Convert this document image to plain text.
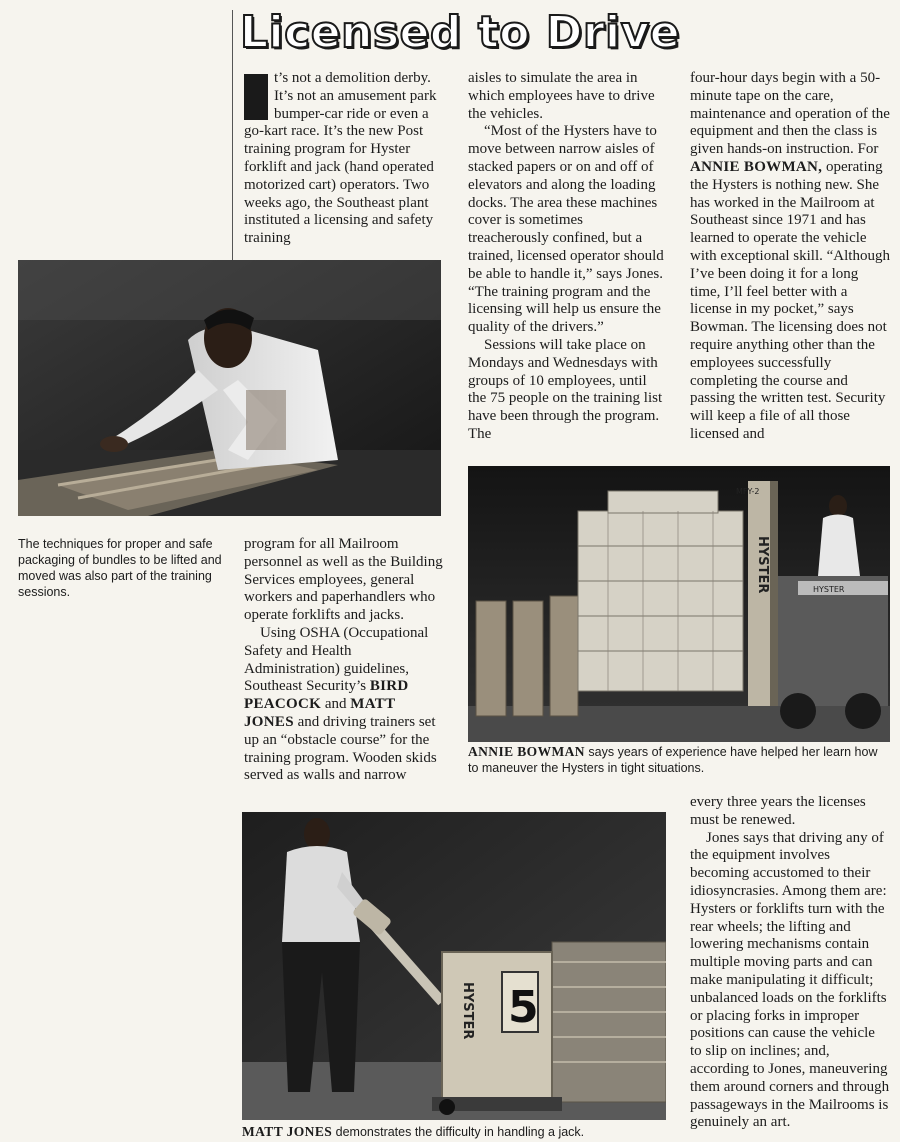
Licensed to Drive

t’s not a demolition derby. It’s not an amusement park bumper-car ride or even a go-kart race. It’s the new Post training program for Hyster forklift and jack (hand operated motorized cart) operators. Two weeks ago, the Southeast plant instituted a licensing and safety training

aisles to simulate the area in which employees have to drive the vehicles.

“Most of the Hysters have to move between narrow aisles of stacked papers or on and off of elevators and along the loading docks. The area these machines cover is sometimes treacherously confined, but a trained, licensed operator should be able to handle it,” says Jones. “The training program and the licensing will help us ensure the quality of the drivers.”

Sessions will take place on Mondays and Wednesdays with groups of 10 employees, until the 75 people on the training list have been through the program. The

four-hour days begin with a 50-minute tape on the care, maintenance and operation of the equipment and then the class is given hands-on instruction. For ANNIE BOWMAN, operating the Hysters is nothing new. She has worked in the Mailroom at Southeast since 1971 and has learned to operate the vehicle with exceptional skill. “Although I’ve been doing it for a long time, I’ll feel better with a license in my pocket,” says Bowman. The licensing does not require anything other than the employees successfully completing the course and passing the written test. Security will keep a file of all those licensed and

The techniques for proper and safe packaging of bundles to be lifted and moved was also part of the training sessions.

program for all Mailroom personnel as well as the Building Services employees, general workers and paperhandlers who operate forklifts and jacks.

Using OSHA (Occupational Safety and Health Administration) guidelines, Southeast Security’s BIRD PEACOCK and MATT JONES and driving trainers set up an “obstacle course” for the training program. Wooden skids served as walls and narrow

HYSTER
MFY-2
HYSTER
ANNIE BOWMAN says years of experience have helped her learn how to maneuver the Hysters in tight situations.
5
HYSTER
MATT JONES demonstrates the difficulty in handling a jack.

every three years the licenses must be renewed.

Jones says that driving any of the equipment involves becoming accustomed to their idiosyncrasies. Among them are: Hysters or forklifts turn with the rear wheels; the lifting and lowering mechanisms contain multiple moving parts and can make manipulating it difficult; unbalanced loads on the forklifts or placing forks in improper positions can cause the vehicle to slip on inclines; and, according to Jones, maneuvering them around corners and through passageways in the Mailrooms is genuinely an art.
